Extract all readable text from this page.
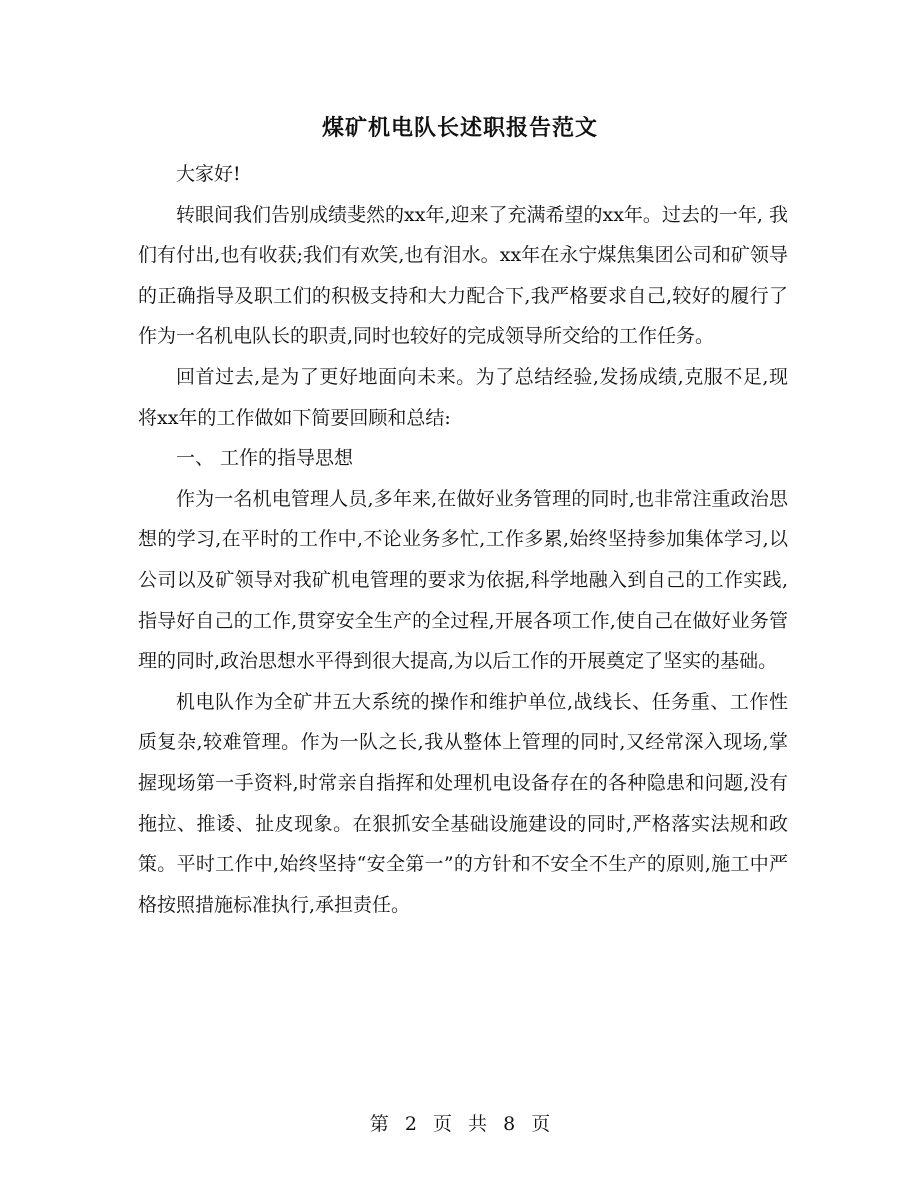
煤矿机电队长述职报告范文

大家好!

转眼间我们告别成绩斐然的xx年,迎来了充满希望的xx年。过去的一年, 我们有付出,也有收获;我们有欢笑,也有泪水。xx年在永宁煤焦集团公司和矿领导的正确指导及职工们的积极支持和大力配合下,我严格要求自己,较好的履行了作为一名机电队长的职责,同时也较好的完成领导所交给的工作任务。

回首过去,是为了更好地面向未来。为了总结经验,发扬成绩,克服不足,现将xx年的工作做如下简要回顾和总结:

一、 工作的指导思想

作为一名机电管理人员,多年来,在做好业务管理的同时,也非常注重政治思想的学习,在平时的工作中,不论业务多忙,工作多累,始终坚持参加集体学习,以公司以及矿领导对我矿机电管理的要求为依据,科学地融入到自己的工作实践,指导好自己的工作,贯穿安全生产的全过程,开展各项工作,使自己在做好业务管理的同时,政治思想水平得到很大提高,为以后工作的开展奠定了坚实的基础。

机电队作为全矿井五大系统的操作和维护单位,战线长、任务重、工作性质复杂,较难管理。作为一队之长,我从整体上管理的同时,又经常深入现场,掌握现场第一手资料,时常亲自指挥和处理机电设备存在的各种隐患和问题,没有拖拉、推诿、扯皮现象。在狠抓安全基础设施建设的同时,严格落实法规和政策。平时工作中,始终坚持“安全第一”的方针和不安全不生产的原则,施工中严格按照措施标准执行,承担责任。

第 2 页 共 8 页
